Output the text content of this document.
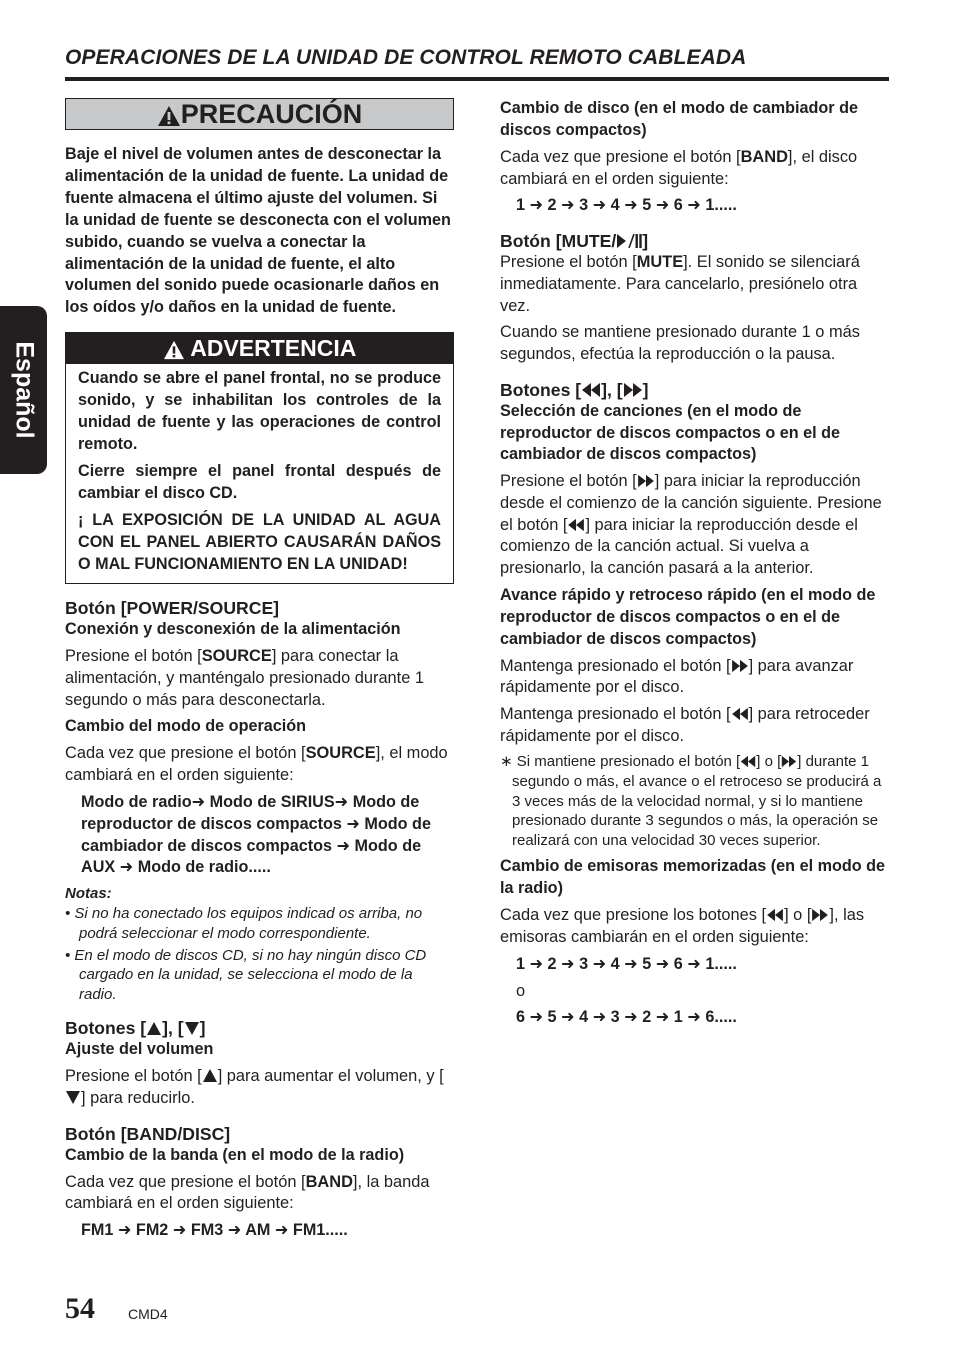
OPERACIONES DE LA UNIDAD DE CONTROL REMOTO CABLEADA
Español
PRECAUCIÓN

Baje el nivel de volumen antes de desconectar la alimentación de la unidad de fuente. La unidad de fuente almacena el último ajuste del volumen. Si la unidad de fuente se desconecta con el volumen subido, cuando se vuelva a conectar la alimentación de la unidad de fuente, el alto volumen del sonido puede ocasionarle daños en los oídos y/o daños en la unidad de fuente.

ADVERTENCIA

Cuando se abre el panel frontal, no se produce sonido, y se inhabilitan los controles de la unidad de fuente y las operaciones de control remoto.

Cierre siempre el panel frontal después de cambiar el disco CD.

¡ LA EXPOSICIÓN DE LA UNIDAD AL AGUA CON EL PANEL ABIERTO CAUSARÁN DAÑOS O MAL FUNCIONAMIENTO EN LA UNIDAD!

Botón [POWER/SOURCE]

Conexión y desconexión de la alimentación

Presione el botón [SOURCE] para conectar la alimentación, y manténgalo presionado durante 1 segundo o más para desconectarla.

Cambio del modo de operación

Cada vez que presione el botón [SOURCE], el modo cambiará en el orden siguiente:

Modo de radio➜ Modo de SIRIUS➜ Modo de reproductor de discos compactos ➜ Modo de cambiador de discos compactos ➜ Modo de AUX ➜ Modo de radio.....

Notas:

• Si no ha conectado los equipos indicad os arriba, no podrá seleccionar el modo correspondiente.

• En el modo de discos CD, si no hay ningún disco CD cargado en la unidad, se selecciona el modo de la radio.

Botones [ ], [ ]

Ajuste del volumen

Presione el botón [ ] para aumentar el volumen, y [] para reducirlo.

Botón [BAND/DISC]

Cambio de la banda (en el modo de la radio)

Cada vez que presione el botón [BAND], la banda cambiará en el orden siguiente:

FM1 ➜ FM2 ➜ FM3 ➜ AM ➜ FM1.....

Cambio de disco (en el modo de cambiador de discos compactos)

Cada vez que presione el botón [BAND], el disco cambiará en el orden siguiente:

1 ➜ 2 ➜ 3 ➜ 4 ➜ 5 ➜ 6 ➜ 1.....

Botón [MUTE/ ]

Presione el botón [MUTE]. El sonido se silenciará inmediatamente. Para cancelarlo, presiónelo otra vez.

Cuando se mantiene presionado durante 1 o más segundos, efectúa la reproducción o la pausa.

Botones [ ], [ ]

Selección de canciones (en el modo de reproductor de discos compactos o en el de cambiador de discos compactos)

Presione el botón [ ] para iniciar la reproducción desde el comienzo de la canción siguiente. Presione el botón [ ] para iniciar la reproducción desde el comienzo de la canción actual. Si vuelva a presionarlo, la canción pasará a la anterior.

Avance rápido y retroceso rápido (en el modo de reproductor de discos compactos o en el de cambiador de discos compactos)

Mantenga presionado el botón [ ] para avanzar rápidamente por el disco.

Mantenga presionado el botón [ ] para retroceder rápidamente por el disco.

∗ Si mantiene presionado el botón [ ] o [ ] durante 1 segundo o más, el avance o el retroceso se producirá a 3 veces más de la velocidad normal, y si lo mantiene presionado durante 3 segundos o más, la operación se realizará con una velocidad 30 veces superior.

Cambio de emisoras memorizadas (en el modo de la radio)

Cada vez que presione los botones [ ] o [ ], las emisoras cambiarán en el orden siguiente:

1 ➜ 2 ➜ 3 ➜ 4 ➜ 5 ➜ 6 ➜ 1.....

o

6 ➜ 5 ➜ 4 ➜ 3 ➜ 2 ➜ 1 ➜ 6.....

54 CMD4
